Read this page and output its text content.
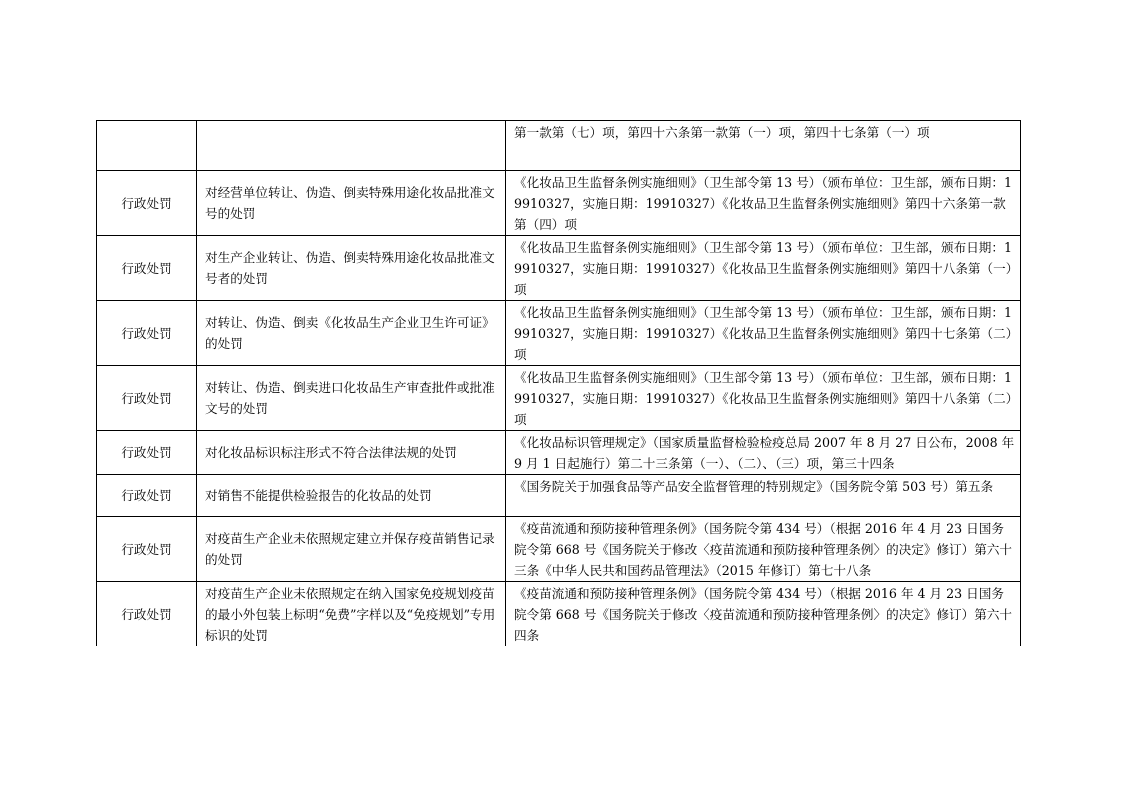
		第一款第（七）项，第四十六条第一款第（一）项，第四十七条第（一）项
行政处罚	对经营单位转让、伪造、倒卖特殊用途化妆品批准文号的处罚	《化妆品卫生监督条例实施细则》（卫生部令第 13 号）（颁布单位：卫生部，颁布日期：19910327，实施日期：19910327）《化妆品卫生监督条例实施细则》第四十六条第一款第（四）项
行政处罚	对生产企业转让、伪造、倒卖特殊用途化妆品批准文号者的处罚	《化妆品卫生监督条例实施细则》（卫生部令第 13 号）（颁布单位：卫生部，颁布日期：19910327，实施日期：19910327）《化妆品卫生监督条例实施细则》第四十八条第（一）项
行政处罚	对转让、伪造、倒卖《化妆品生产企业卫生许可证》的处罚	《化妆品卫生监督条例实施细则》（卫生部令第 13 号）（颁布单位：卫生部，颁布日期：19910327，实施日期：19910327）《化妆品卫生监督条例实施细则》第四十七条第（二）项
行政处罚	对转让、伪造、倒卖进口化妆品生产审查批件或批准文号的处罚	《化妆品卫生监督条例实施细则》（卫生部令第 13 号）（颁布单位：卫生部，颁布日期：19910327，实施日期：19910327）《化妆品卫生监督条例实施细则》第四十八条第（二）项
行政处罚	对化妆品标识标注形式不符合法律法规的处罚	《化妆品标识管理规定》（国家质量监督检验检疫总局 2007 年 8 月 27 日公布，2008 年 9 月 1 日起施行）第二十三条第（一）、（二）、（三）项，第三十四条
行政处罚	对销售不能提供检验报告的化妆品的处罚	《国务院关于加强食品等产品安全监督管理的特别规定》（国务院令第 503 号）第五条
行政处罚	对疫苗生产企业未依照规定建立并保存疫苗销售记录的处罚	《疫苗流通和预防接种管理条例》（国务院令第 434 号）（根据 2016 年 4 月 23 日国务院令第 668 号《国务院关于修改〈疫苗流通和预防接种管理条例〉的决定》修订）第六十三条《中华人民共和国药品管理法》（2015 年修订）第七十八条
行政处罚	对疫苗生产企业未依照规定在纳入国家免疫规划疫苗的最小外包装上标明“免费”字样以及“免疫规划”专用标识的处罚	《疫苗流通和预防接种管理条例》（国务院令第 434 号）（根据 2016 年 4 月 23 日国务院令第 668 号《国务院关于修改〈疫苗流通和预防接种管理条例〉的决定》修订）第六十四条
